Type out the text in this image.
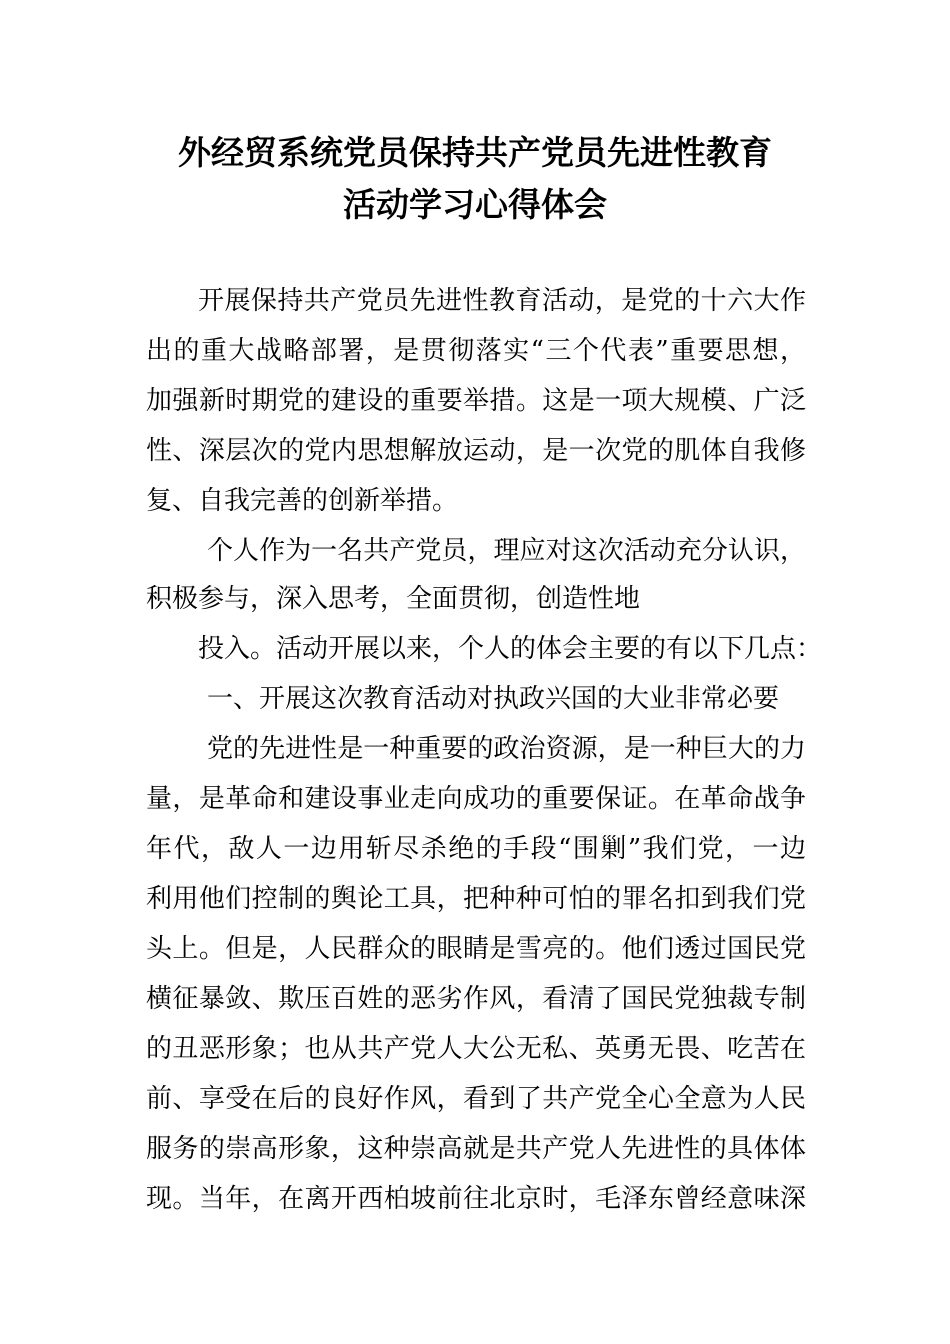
外经贸系统党员保持共产党员先进性教育
活动学习心得体会
开展保持共产党员先进性教育活动，是党的十六大作
出的重大战略部署，是贯彻落实“三个代表”重要思想，
加强新时期党的建设的重要举措。这是一项大规模、广泛
性、深层次的党内思想解放运动，是一次党的肌体自我修
复、自我完善的创新举措。
个人作为一名共产党员，理应对这次活动充分认识，
积极参与，深入思考，全面贯彻，创造性地
投入。活动开展以来，个人的体会主要的有以下几点：
一、开展这次教育活动对执政兴国的大业非常必要
党的先进性是一种重要的政治资源，是一种巨大的力
量，是革命和建设事业走向成功的重要保证。在革命战争
年代，敌人一边用斩尽杀绝的手段“围剿”我们党，一边
利用他们控制的舆论工具，把种种可怕的罪名扣到我们党
头上。但是，人民群众的眼睛是雪亮的。他们透过国民党
横征暴敛、欺压百姓的恶劣作风，看清了国民党独裁专制
的丑恶形象；也从共产党人大公无私、英勇无畏、吃苦在
前、享受在后的良好作风，看到了共产党全心全意为人民
服务的崇高形象，这种崇高就是共产党人先进性的具体体
现。当年，在离开西柏坡前往北京时，毛泽东曾经意味深
